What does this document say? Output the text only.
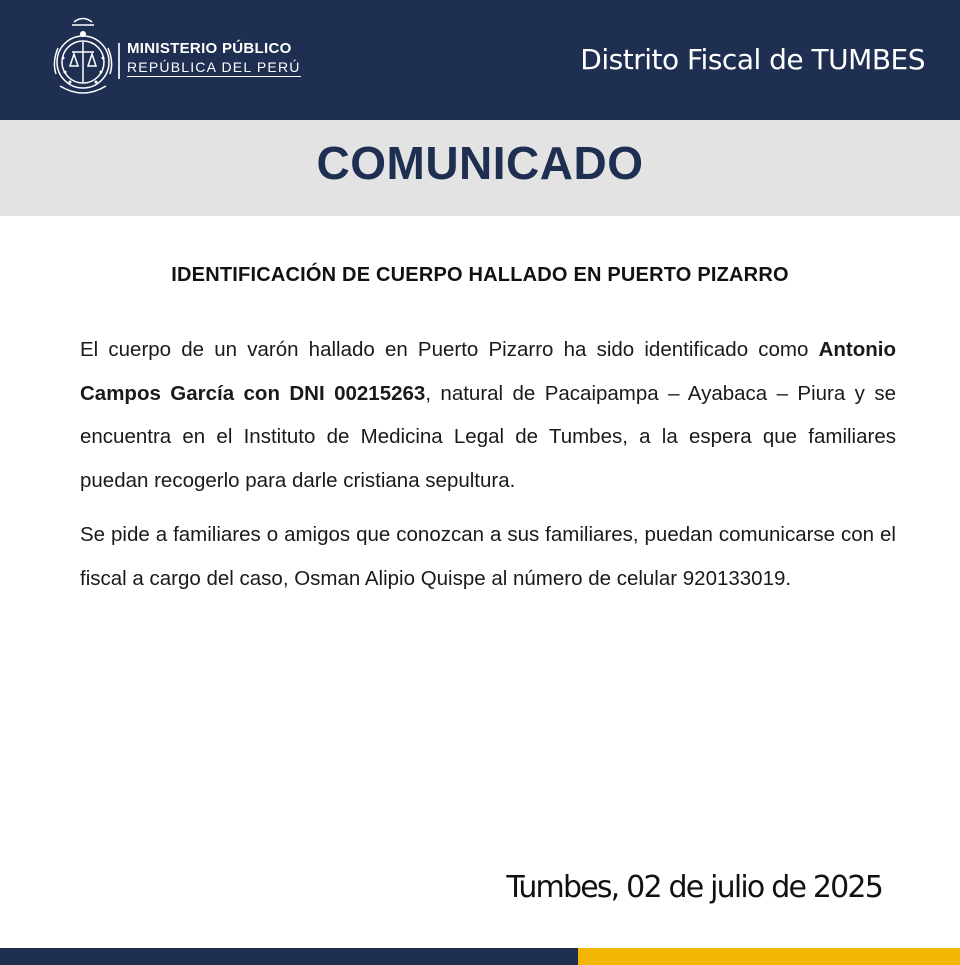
MINISTERIO PÚBLICO
REPÚBLICA DEL PERÚ	Distrito Fiscal de TUMBES
COMUNICADO
IDENTIFICACIÓN DE CUERPO HALLADO EN PUERTO PIZARRO

El cuerpo de un varón hallado en Puerto Pizarro ha sido identificado como Antonio Campos García con DNI 00215263, natural de Pacaipampa – Ayabaca – Piura y se encuentra en el Instituto de Medicina Legal de Tumbes, a la espera que familiares puedan recogerlo para darle cristiana sepultura.

Se pide a familiares o amigos que conozcan a sus familiares, puedan comunicarse con el fiscal a cargo del caso, Osman Alipio Quispe al número de celular 920133019.

Tumbes, 02 de julio de 2025
